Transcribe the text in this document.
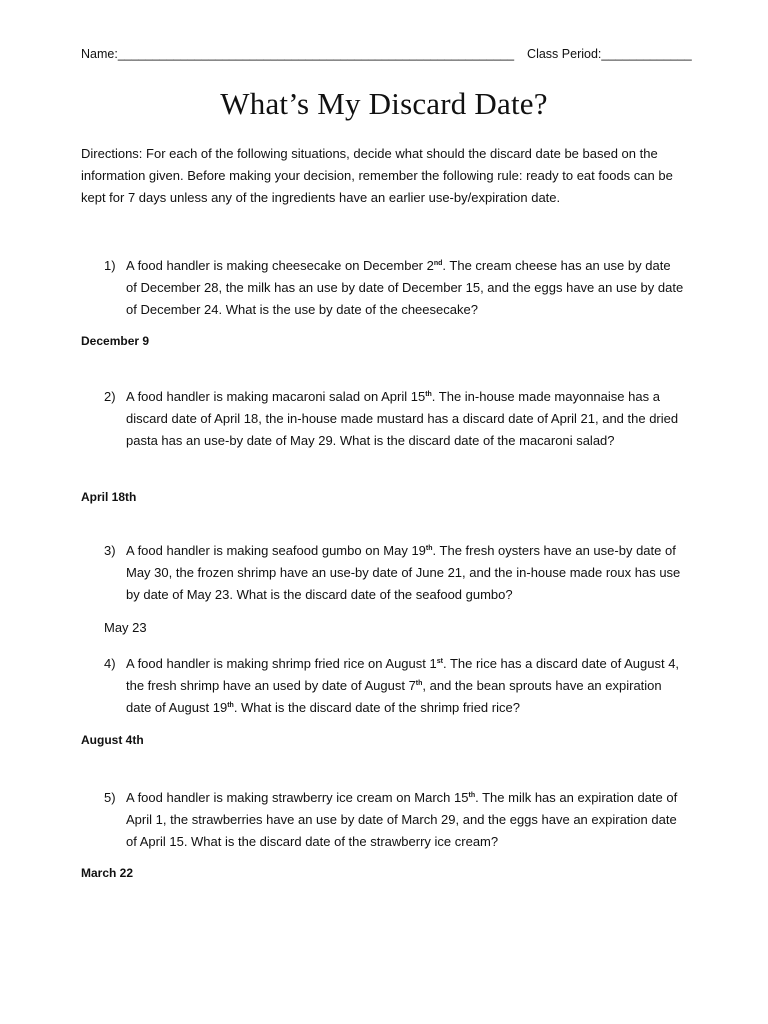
Name:_________________________________________________________ Class Period:_____________
What’s My Discard Date?
Directions: For each of the following situations, decide what should the discard date be based on the information given. Before making your decision, remember the following rule: ready to eat foods can be kept for 7 days unless any of the ingredients have an earlier use-by/expiration date.
1) A food handler is making cheesecake on December 2nd. The cream cheese has an use by date of December 28, the milk has an use by date of December 15, and the eggs have an use by date of December 24. What is the use by date of the cheesecake?
December 9
2) A food handler is making macaroni salad on April 15th. The in-house made mayonnaise has a discard date of April 18, the in-house made mustard has a discard date of April 21, and the dried pasta has an use-by date of May 29. What is the discard date of the macaroni salad?
April 18th
3) A food handler is making seafood gumbo on May 19th. The fresh oysters have an use-by date of May 30, the frozen shrimp have an use-by date of June 21, and the in-house made roux has use by date of May 23. What is the discard date of the seafood gumbo?
May 23
4) A food handler is making shrimp fried rice on August 1st. The rice has a discard date of August 4, the fresh shrimp have an used by date of August 7th, and the bean sprouts have an expiration date of August 19th. What is the discard date of the shrimp fried rice?
August 4th
5) A food handler is making strawberry ice cream on March 15th. The milk has an expiration date of April 1, the strawberries have an use by date of March 29, and the eggs have an expiration date of April 15. What is the discard date of the strawberry ice cream?
March 22
